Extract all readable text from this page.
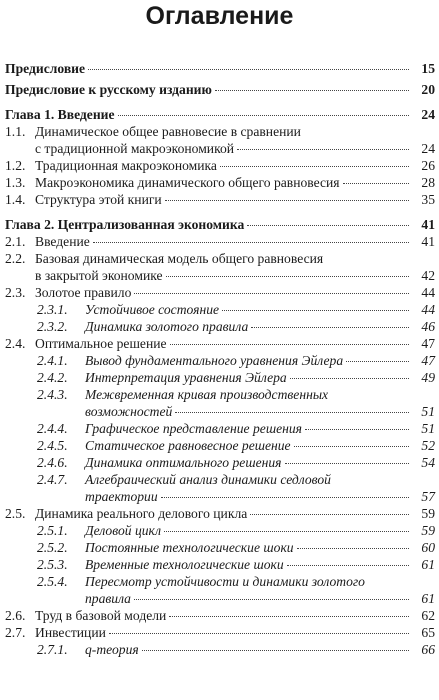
Оглавление
Предисловие	15
Предисловие к русскому изданию	20
Глава 1. Введение	24
1.1. Динамическое общее равновесие в сравнении
с традиционной макроэкономикой	24
1.2. Традиционная макроэкономика	26
1.3. Макроэкономика динамического общего равновесия	28
1.4. Структура этой книги	35
Глава 2. Централизованная экономика	41
2.1. Введение	41
2.2. Базовая динамическая модель общего равновесия
в закрытой экономике	42
2.3. Золотое правило	44
2.3.1.	Устойчивое состояние	44
2.3.2.	Динамика золотого правила	46
2.4. Оптимальное решение	47
2.4.1.	Вывод фундаментального уравнения Эйлера	47
2.4.2.	Интерпретация уравнения Эйлера	49
2.4.3.	Межвременная кривая производственных
возможностей	51
2.4.4.	Графическое представление решения	51
2.4.5.	Статическое равновесное решение	52
2.4.6.	Динамика оптимального решения	54
2.4.7.	Алгебраический анализ динамики седловой
траектории	57
2.5. Динамика реального делового цикла	59
2.5.1.	Деловой цикл	59
2.5.2.	Постоянные технологические шоки	60
2.5.3.	Временные технологические шоки	61
2.5.4.	Пересмотр устойчивости и динамики золотого
правила	61
2.6. Труд в базовой модели	62
2.7. Инвестиции	65
2.7.1.	q-теория	66
